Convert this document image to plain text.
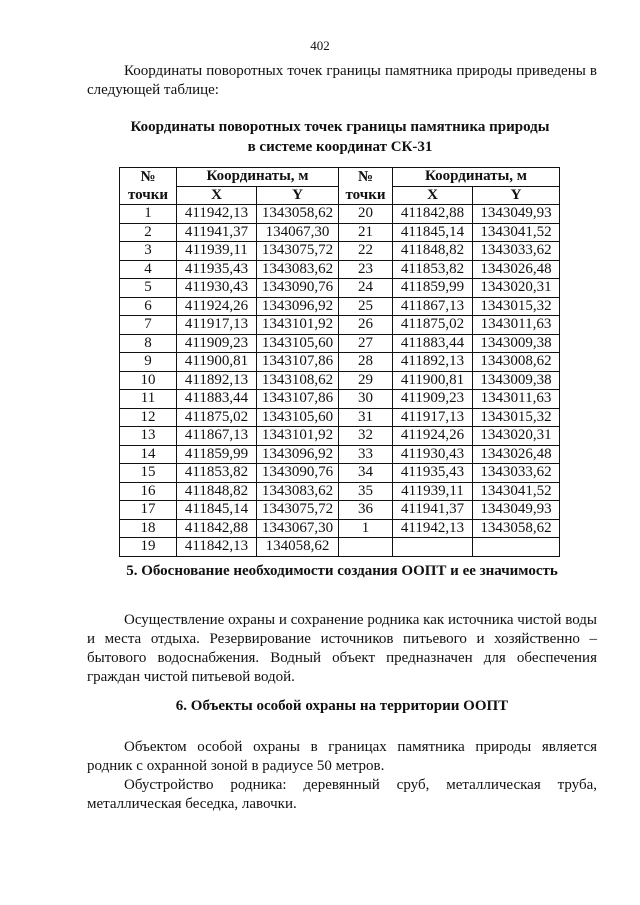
402

Координаты поворотных точек границы памятника природы приведены в следующей таблице:

Координаты поворотных точек границы памятника природы
в системе координат СК-31
№	Координаты, м		№	Координаты, м	
точки	X	Y	точки	X	Y
1	411942,13	1343058,62	20	411842,88	1343049,93
2	411941,37	134067,30	21	411845,14	1343041,52
3	411939,11	1343075,72	22	411848,82	1343033,62
4	411935,43	1343083,62	23	411853,82	1343026,48
5	411930,43	1343090,76	24	411859,99	1343020,31
6	411924,26	1343096,92	25	411867,13	1343015,32
7	411917,13	1343101,92	26	411875,02	1343011,63
8	411909,23	1343105,60	27	411883,44	1343009,38
9	411900,81	1343107,86	28	411892,13	1343008,62
10	411892,13	1343108,62	29	411900,81	1343009,38
11	411883,44	1343107,86	30	411909,23	1343011,63
12	411875,02	1343105,60	31	411917,13	1343015,32
13	411867,13	1343101,92	32	411924,26	1343020,31
14	411859,99	1343096,92	33	411930,43	1343026,48
15	411853,82	1343090,76	34	411935,43	1343033,62
16	411848,82	1343083,62	35	411939,11	1343041,52
17	411845,14	1343075,72	36	411941,37	1343049,93
18	411842,88	1343067,30	1	411942,13	1343058,62
19	411842,13	134058,62			
5. Обоснование необходимости создания ООПТ и ее значимость

Осуществление охраны и сохранение родника как источника чистой воды и места отдыха. Резервирование источников питьевого и хозяйственно – бытового водоснабжения. Водный объект предназначен для обеспечения граждан чистой питьевой водой.

6. Объекты особой охраны на территории ООПТ

Объектом особой охраны в границах памятника природы является родник с охранной зоной в радиусе 50 метров.

Обустройство родника: деревянный сруб, металлическая труба, металлическая беседка, лавочки.
